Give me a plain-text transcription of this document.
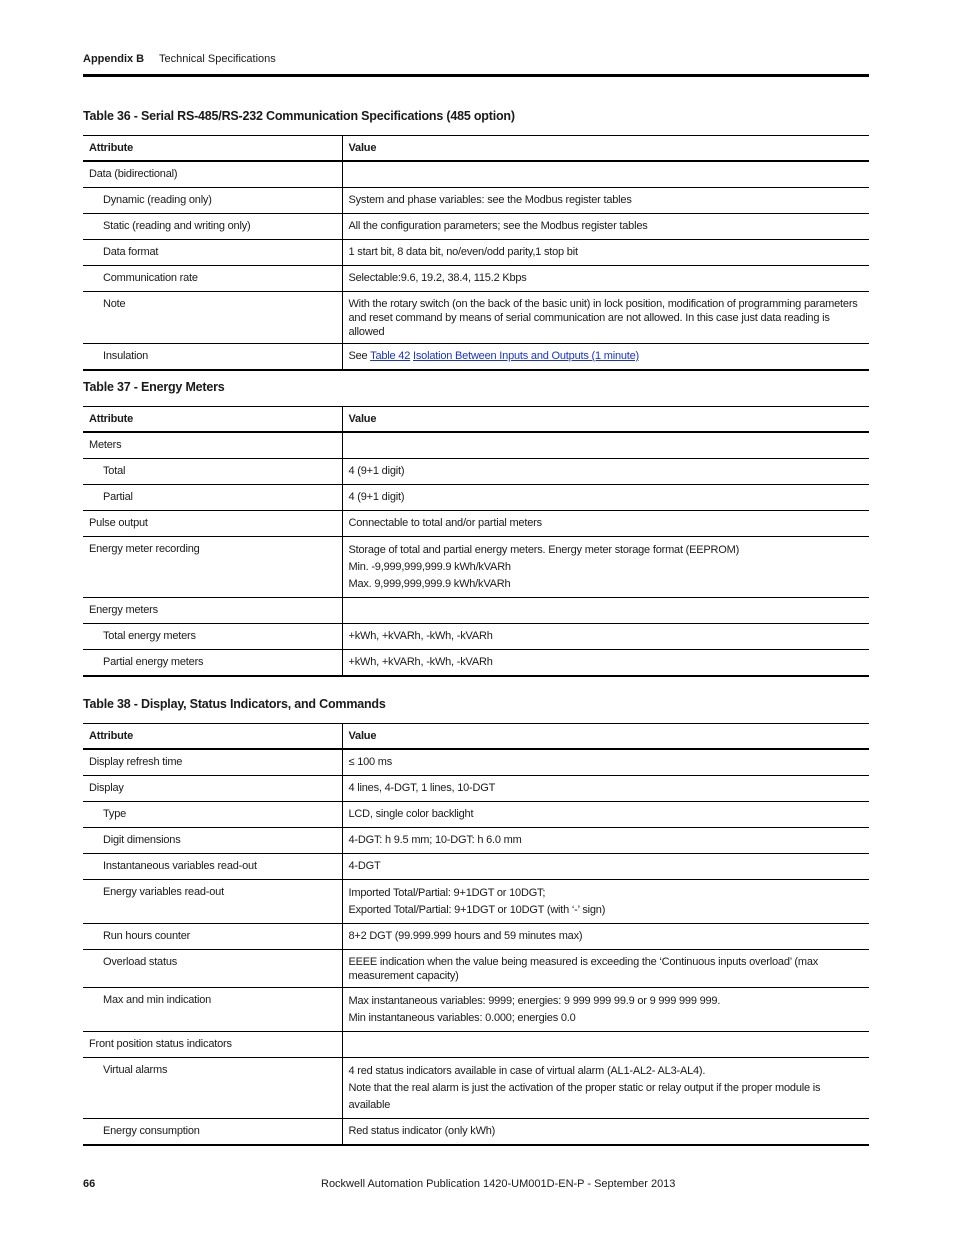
Appendix B Technical Specifications
Table 36 - Serial RS-485/RS-232 Communication Specifications (485 option)
Attribute	Value
Data (bidirectional)	
Dynamic (reading only)	System and phase variables: see the Modbus register tables
Static (reading and writing only)	All the configuration parameters; see the Modbus register tables
Data format	1 start bit, 8 data bit, no/even/odd parity,1 stop bit
Communication rate	Selectable:9.6, 19.2, 38.4, 115.2 Kbps
Note	With the rotary switch (on the back of the basic unit) in lock position, modification of programming parameters and reset command by means of serial communication are not allowed. In this case just data reading is allowed
Insulation	See Table 42 Isolation Between Inputs and Outputs (1 minute)
Table 37 - Energy Meters
Attribute	Value
Meters	
Total	4 (9+1 digit)
Partial	4 (9+1 digit)
Pulse output	Connectable to total and/or partial meters
Energy meter recording	Storage of total and partial energy meters. Energy meter storage format (EEPROM)
Min. -9,999,999,999.9 kWh/kVARh
Max. 9,999,999,999.9 kWh/kVARh

Energy meters	
Total energy meters	+kWh, +kVARh, -kWh, -kVARh
Partial energy meters	+kWh, +kVARh, -kWh, -kVARh
Table 38 - Display, Status Indicators, and Commands
Attribute	Value
Display refresh time	≤ 100 ms
Display	4 lines, 4-DGT, 1 lines, 10-DGT
Type	LCD, single color backlight
Digit dimensions	4-DGT: h 9.5 mm; 10-DGT: h 6.0 mm
Instantaneous variables read-out	4-DGT
Energy variables read-out	Imported Total/Partial: 9+1DGT or 10DGT;
Exported Total/Partial: 9+1DGT or 10DGT (with ‘-’ sign)

Run hours counter	8+2 DGT (99.999.999 hours and 59 minutes max)
Overload status	EEEE indication when the value being measured is exceeding the ‘Continuous inputs overload’ (max measurement capacity)
Max and min indication	Max instantaneous variables: 9999; energies: 9 999 999 99.9 or 9 999 999 999.
Min instantaneous variables: 0.000; energies 0.0

Front position status indicators	
Virtual alarms	4 red status indicators available in case of virtual alarm (AL1-AL2- AL3-AL4).
Note that the real alarm is just the activation of the proper static or relay output if the proper module is available

Energy consumption	Red status indicator (only kWh)
66	Rockwell Automation Publication 1420-UM001D-EN-P - September 2013
